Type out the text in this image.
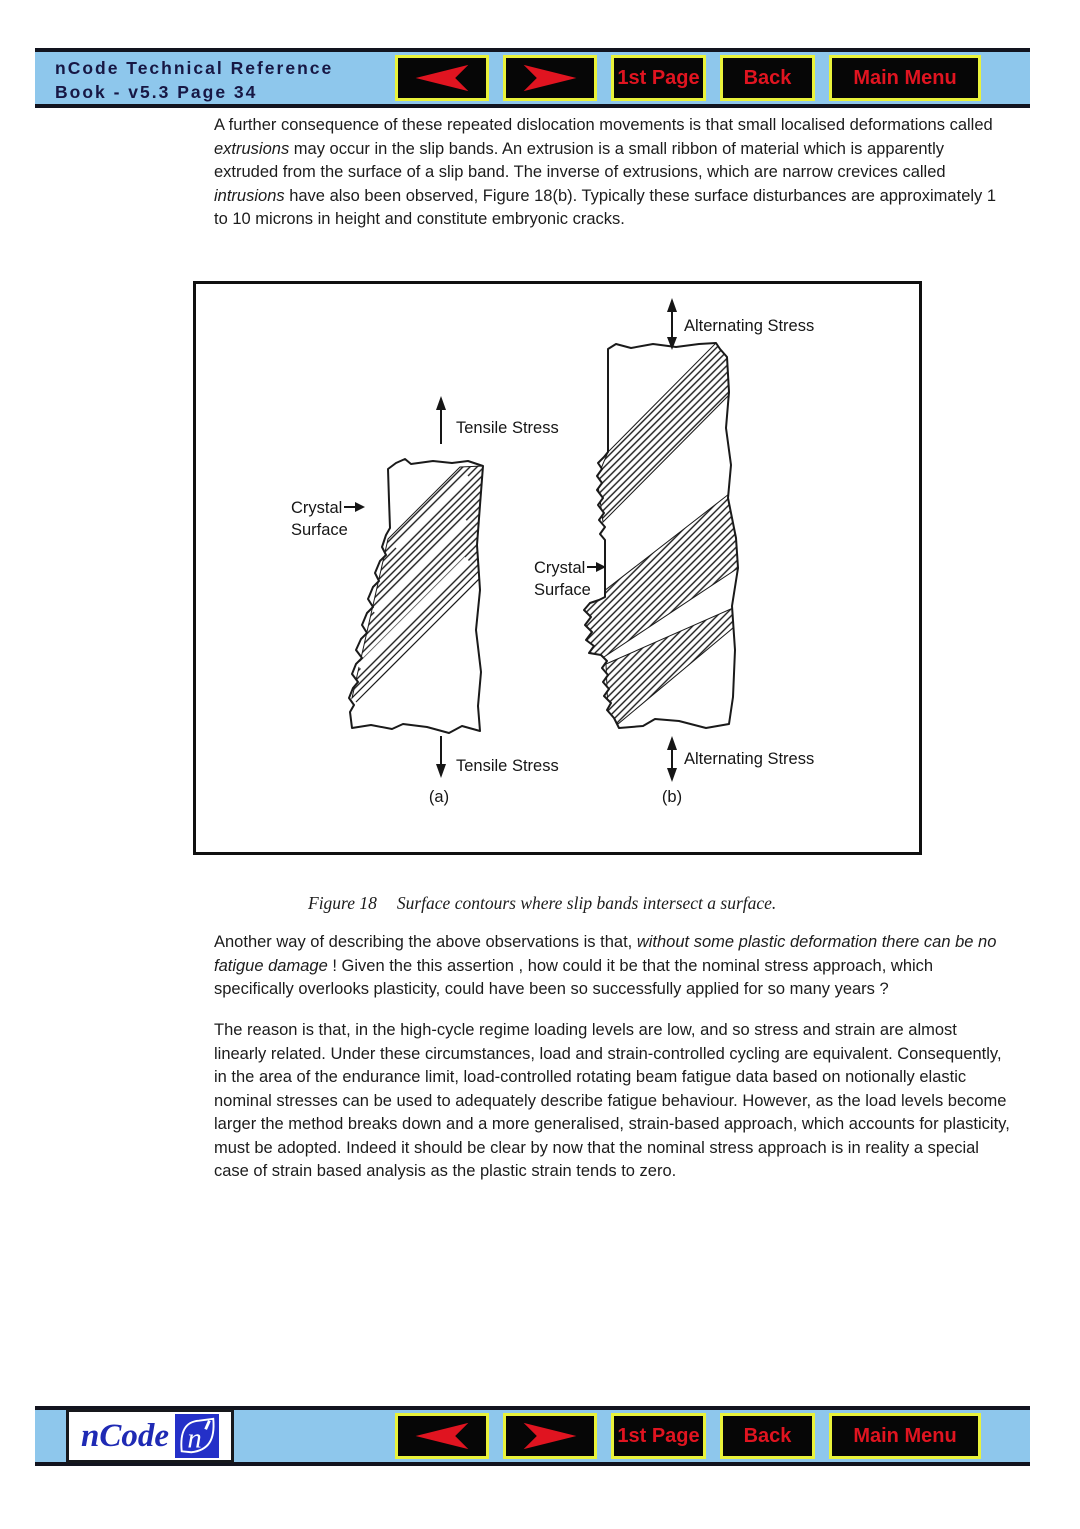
nCode Technical Reference
Book - v5.3 Page 34
1st Page	Back	Main Menu

A further consequence of these repeated dislocation movements is that small localised deformations called extrusions may occur in the slip bands. An extrusion is a small ribbon of material which is apparently extruded from the surface of a slip band. The inverse of extrusions, which are narrow crevices called intrusions have also been observed, Figure 18(b). Typically these surface disturbances are approximately 1 to 10 microns in height and constitute embryonic cracks.

Tensile Stress
Crystal
Surface
Tensile Stress
(a)
Alternating Stress
Crystal
Surface
Alternating Stress
(b)
Figure 18 Surface contours where slip bands intersect a surface.

Another way of describing the above observations is that, without some plastic deformation there can be no fatigue damage ! Given the this assertion , how could it be that the nominal stress approach, which specifically overlooks plasticity, could have been so successfully applied for so many years ?

The reason is that, in the high-cycle regime loading levels are low, and so stress and strain are almost linearly related. Under these circumstances, load and strain-controlled cycling are equivalent. Consequently, in the area of the endurance limit, load-controlled rotating beam fatigue data based on notionally elastic nominal stresses can be used to adequately describe fatigue behaviour. However, as the load levels become larger the method breaks down and a more generalised, strain-based approach, which accounts for plasticity, must be adopted. Indeed it should be clear by now that the nominal stress approach is in reality a special case of strain based analysis as the plastic strain tends to zero.

1st Page	Back	Main Menu
nCode n
